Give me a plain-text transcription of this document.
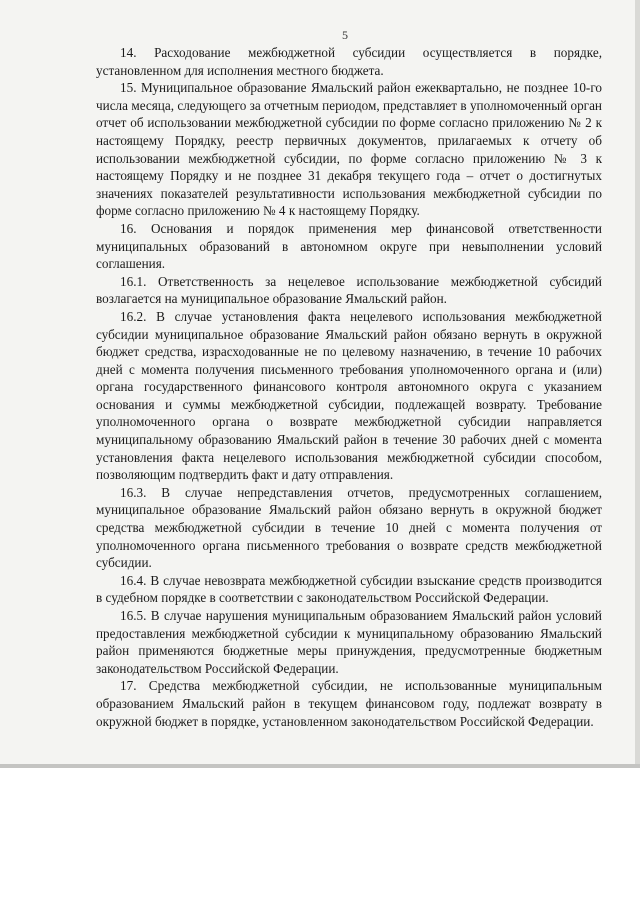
5

14. Расходование межбюджетной субсидии осуществляется в порядке, установленном для исполнения местного бюджета.

15. Муниципальное образование Ямальский район ежеквартально, не позднее 10-го числа месяца, следующего за отчетным периодом, представляет в уполномоченный орган отчет об использовании межбюджетной субсидии по форме согласно приложению № 2 к настоящему Порядку, реестр первичных документов, прилагаемых к отчету об использовании межбюджетной субсидии, по форме согласно приложению № 3 к настоящему Порядку и не позднее 31 декабря текущего года – отчет о достигнутых значениях показателей результативности использования межбюджетной субсидии по форме согласно приложению № 4 к настоящему Порядку.

16. Основания и порядок применения мер финансовой ответственности муниципальных образований в автономном округе при невыполнении условий соглашения.

16.1. Ответственность за нецелевое использование межбюджетной субсидий возлагается на муниципальное образование Ямальский район.

16.2. В случае установления факта нецелевого использования межбюджетной субсидии муниципальное образование Ямальский район обязано вернуть в окружной бюджет средства, израсходованные не по целевому назначению, в течение 10 рабочих дней с момента получения письменного требования уполномоченного органа и (или) органа государственного финансового контроля автономного округа с указанием основания и суммы межбюджетной субсидии, подлежащей возврату. Требование уполномоченного органа о возврате межбюджетной субсидии направляется муниципальному образованию Ямальский район в течение 30 рабочих дней с момента установления факта нецелевого использования межбюджетной субсидии способом, позволяющим подтвердить факт и дату отправления.

16.3. В случае непредставления отчетов, предусмотренных соглашением, муниципальное образование Ямальский район обязано вернуть в окружной бюджет средства межбюджетной субсидии в течение 10 дней с момента получения от уполномоченного органа письменного требования о возврате средств межбюджетной субсидии.

16.4. В случае невозврата межбюджетной субсидии взыскание средств производится в судебном порядке в соответствии с законодательством Российской Федерации.

16.5. В случае нарушения муниципальным образованием Ямальский район условий предоставления межбюджетной субсидии к муниципальному образованию Ямальский район применяются бюджетные меры принуждения, предусмотренные бюджетным законодательством Российской Федерации.

17. Средства межбюджетной субсидии, не использованные муниципальным образованием Ямальский район в текущем финансовом году, подлежат возврату в окружной бюджет в порядке, установленном законодательством Российской Федерации.
